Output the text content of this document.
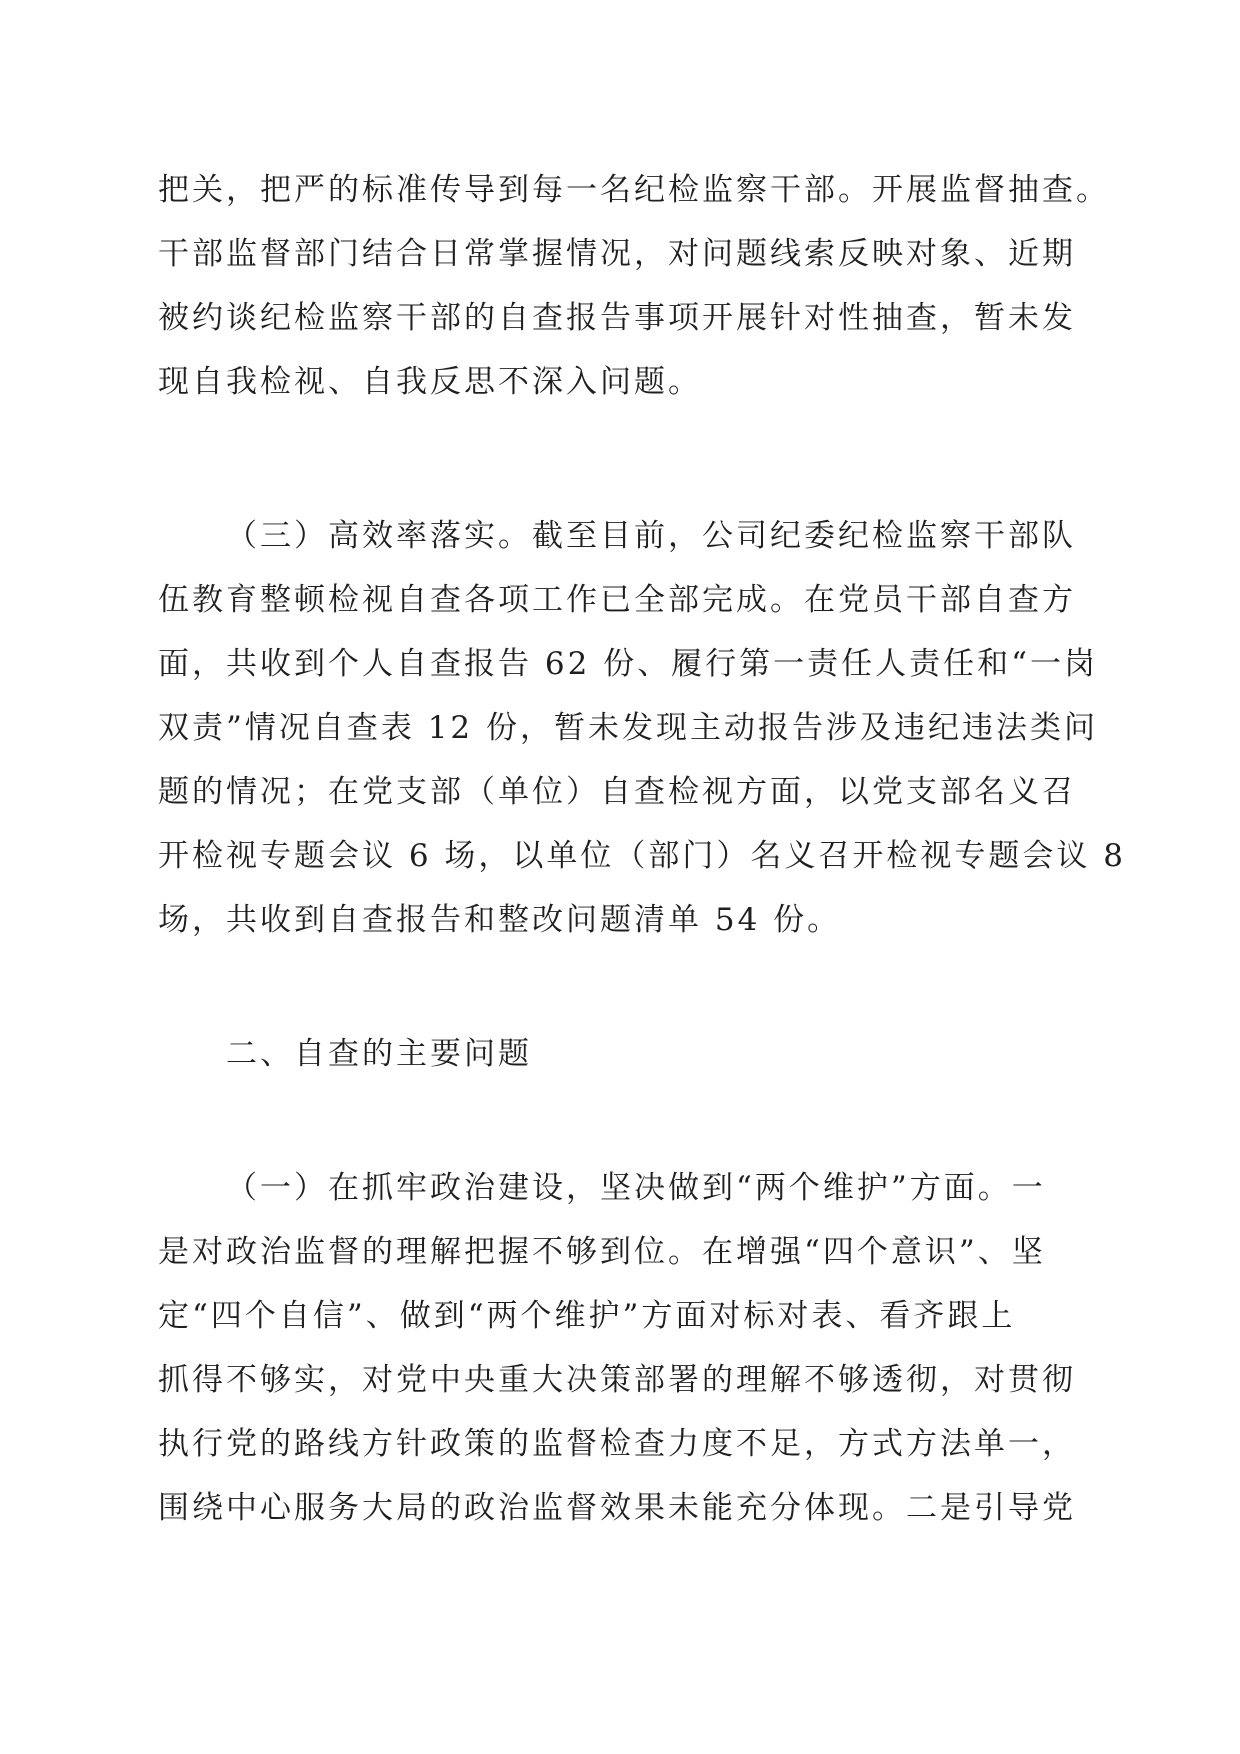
把关，把严的标准传导到每一名纪检监察干部。开展监督抽查。

干部监督部门结合日常掌握情况，对问题线索反映对象、近期

被约谈纪检监察干部的自查报告事项开展针对性抽查，暂未发

现自我检视、自我反思不深入问题。

（三）高效率落实。截至目前，公司纪委纪检监察干部队

伍教育整顿检视自查各项工作已全部完成。在党员干部自查方

面，共收到个人自查报告 62 份、履行第一责任人责任和“一岗

双责”情况自查表 12 份，暂未发现主动报告涉及违纪违法类问

题的情况；在党支部（单位）自查检视方面，以党支部名义召

开检视专题会议 6 场，以单位（部门）名义召开检视专题会议 8

场，共收到自查报告和整改问题清单 54 份。

二、自查的主要问题

（一）在抓牢政治建设，坚决做到“两个维护”方面。一

是对政治监督的理解把握不够到位。在增强“四个意识”、坚

定“四个自信”、做到“两个维护”方面对标对表、看齐跟上

抓得不够实，对党中央重大决策部署的理解不够透彻，对贯彻

执行党的路线方针政策的监督检查力度不足，方式方法单一，

围绕中心服务大局的政治监督效果未能充分体现。二是引导党
